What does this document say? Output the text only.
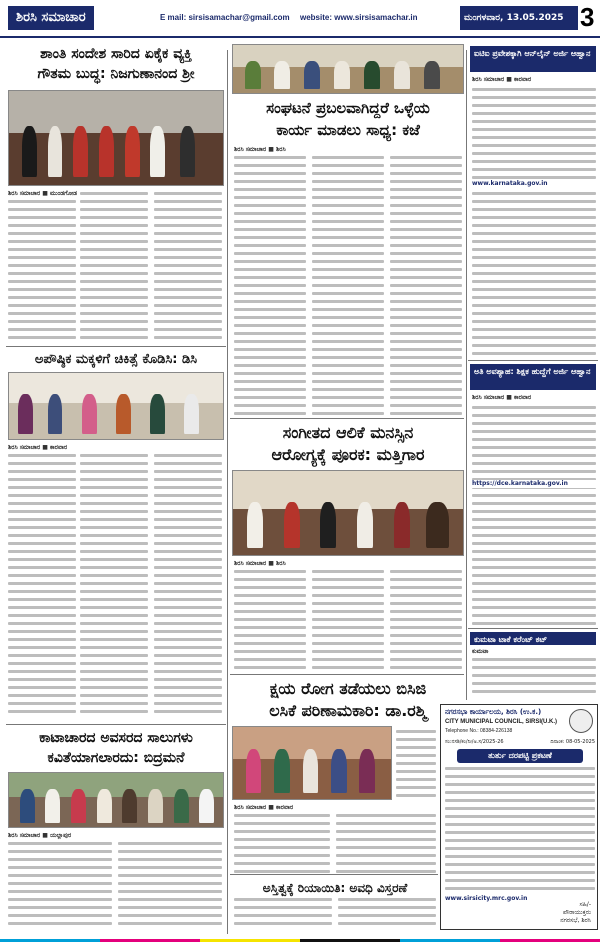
ಶಿರಸಿ ಸಮಾಚಾರ	E mail: sirsisamachar@gmail.com website: www.sirsisamachar.in	ಮಂಗಳವಾರ, 13.05.2025 3
ಶಾಂತಿ ಸಂದೇಶ ಸಾರಿದ ಏಕೈಕ ವ್ಯಕ್ತಿ
ಗೌತಮ ಬುದ್ಧ: ನಿಜಗುಣಾನಂದ ಶ್ರೀ
ಶಿರಸಿ ಸಮಾಚಾರ ■ ಮುಂಡಗೋಡ
ಅಪೌಷ್ಠಿಕ ಮಕ್ಕಳಿಗೆ ಚಿಕಿತ್ಸೆ ಕೊಡಿಸಿ: ಡಿಸಿ
ಶಿರಸಿ ಸಮಾಚಾರ ■ ಕಾರವಾರ
ಕಾಟಾಚಾರದ ಅವಸರದ ಸಾಲುಗಳು
ಕವಿತೆಯಾಗಲಾರದು: ಬಿದ್ರಮನೆ
ಶಿರಸಿ ಸಮಾಚಾರ ■ ಯಲ್ಲಾಪುರ
ಸಂಘಟನೆ ಪ್ರಬಲವಾಗಿದ್ದರೆ ಒಳ್ಳೆಯ
ಕಾರ್ಯ ಮಾಡಲು ಸಾಧ್ಯ: ಕಜೆ
ಶಿರಸಿ ಸಮಾಚಾರ ■ ಶಿರಸಿ
ಸಂಗೀತದ ಆಲಿಕೆ ಮನಸ್ಸಿನ
ಆರೋಗ್ಯಕ್ಕೆ ಪೂರಕ: ಮತ್ತಿಗಾರ
ಶಿರಸಿ ಸಮಾಚಾರ ■ ಶಿರಸಿ
ಕ್ಷಯ ರೋಗ ತಡೆಯಲು ಬಿಸಿಜಿ
ಲಸಿಕೆ ಪರಿಣಾಮಕಾರಿ: ಡಾ.ರಶ್ಮಿ
ಶಿರಸಿ ಸಮಾಚಾರ ■ ಕಾರವಾರ
ಅಸ್ತಿತ್ವಕ್ಕೆ ರಿಯಾಯಿತಿ: ಅವಧಿ ವಿಸ್ತರಣೆ
ಐಟಿಐ ಪ್ರವೇಶಕ್ಕಾಗಿ ಆನ್‌ಲೈನ್ ಅರ್ಜಿ ಆಹ್ವಾನ
ಶಿರಸಿ ಸಮಾಚಾರ ■ ಕಾರವಾರ
www.karnataka.gov.in
ಅತಿ ಅವಶ್ಯಾಹ: ಶಿಕ್ಷಕ ಹುದ್ದೆಗೆ ಅರ್ಜಿ ಆಹ್ವಾನ
ಶಿರಸಿ ಸಮಾಚಾರ ■ ಕಾರವಾರ
https://dce.karnataka.gov.in
ಕುಮಟಾ ಟಾಕೆ ಕರೆಂಟ್ ಕಟ್
ಕುಮಟಾ
ನಗರಸಭಾ ಕಾರ್ಯಾಲಯ, ಶಿರಸಿ (ಉ.ಕ.)
CITY MUNICIPAL COUNCIL, SIRSI(U.K.)
Telephone No.: 08384-226138
ಸಂ:ನಸಶಿ/ಕಂ/ನೀ/ಅ.ಸ/2025-26	ದಿನಾಂಕ: 08-05-2025
ತುರ್ತು ದರಪಟ್ಟಿ ಪ್ರಕಟಣೆ
www.sirsicity.mrc.gov.in
ಸಹಿ/-
ಪೌರಾಯುಕ್ತರು
ನಗರಸಭೆ, ಶಿರಸಿ
